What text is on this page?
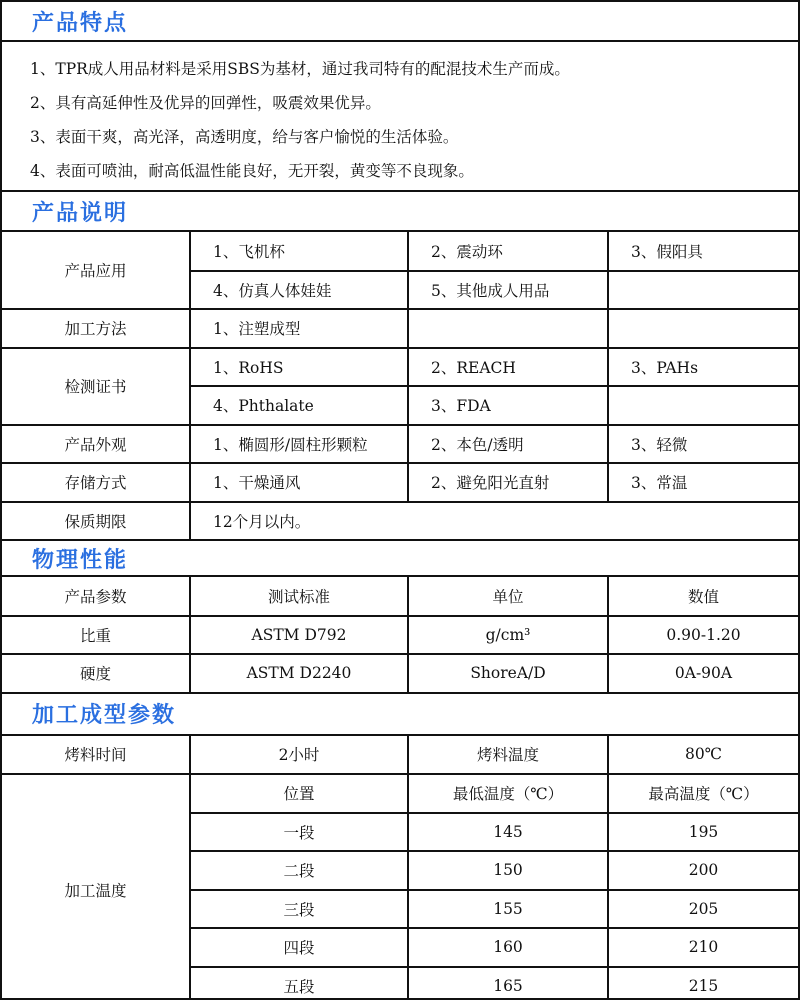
产品特点
1、TPR成人用品材料是采用SBS为基材，通过我司特有的配混技术生产而成。
2、具有高延伸性及优异的回弹性，吸震效果优异。
3、表面干爽，高光泽，高透明度，给与客户愉悦的生活体验。
4、表面可喷油，耐高低温性能良好，无开裂，黄变等不良现象。
产品说明
产品应用	1、飞机杯	2、震动环	3、假阳具
	4、仿真人体娃娃	5、其他成人用品	
加工方法	1、注塑成型		
检测证书	1、RoHS	2、REACH	3、PAHs
	4、Phthalate	3、FDA	
产品外观	1、椭圆形/圆柱形颗粒	2、本色/透明	3、轻微
存储方式	1、干燥通风	2、避免阳光直射	3、常温
保质期限	12个月以内。		
物理性能
产品参数	测试标准	单位	数值
比重	ASTM D792	g/cm³	0.90-1.20
硬度	ASTM D2240	ShoreA/D	0A-90A
加工成型参数
烤料时间	2小时	烤料温度	80℃
加工温度	位置	最低温度（℃）	最高温度（℃）
	一段	145	195
	二段	150	200
	三段	155	205
	四段	160	210
	五段	165	215
